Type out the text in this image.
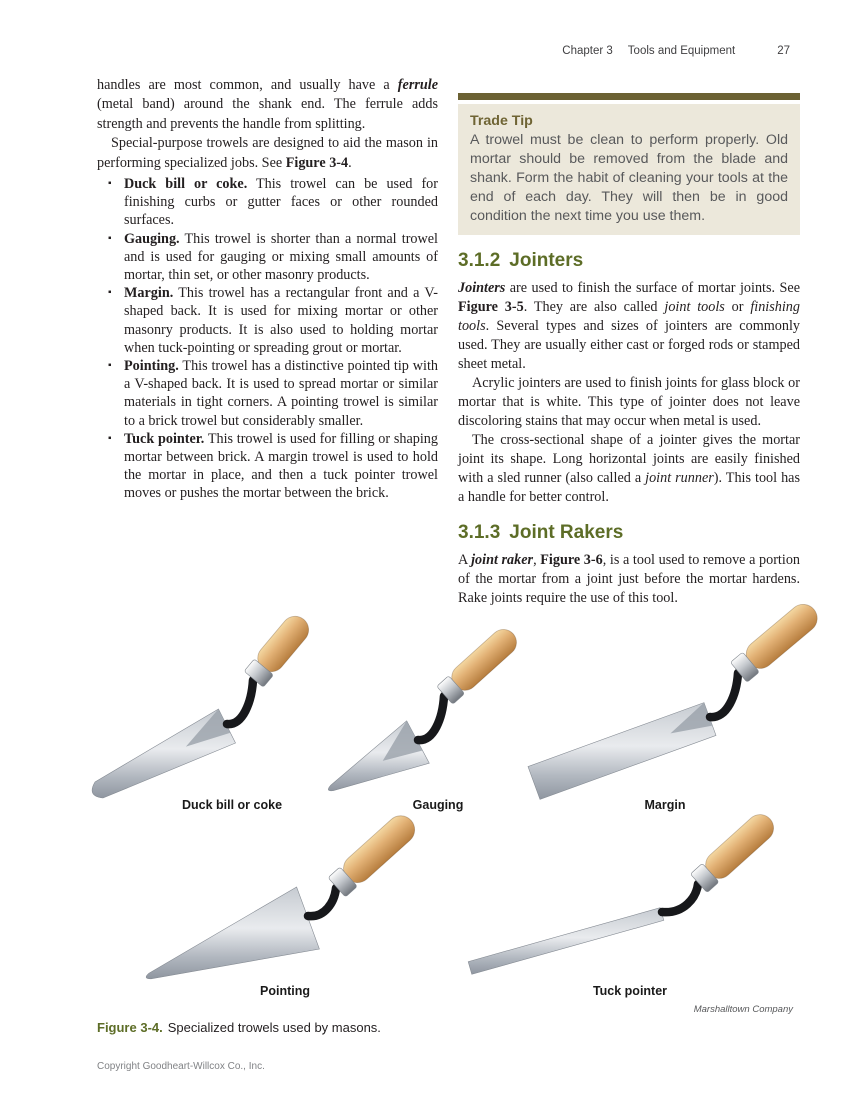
Chapter 3 Tools and Equipment	27

handles are most common, and usually have a ferrule (metal band) around the shank end. The ferrule adds strength and prevents the handle from splitting.

Special-purpose trowels are designed to aid the mason in performing specialized jobs. See Figure 3-4.

▪ Duck bill or coke. This trowel can be used for finishing curbs or gutter faces or other rounded surfaces.
▪ Gauging. This trowel is shorter than a normal trowel and is used for gauging or mixing small amounts of mortar, thin set, or other masonry products.
▪ Margin. This trowel has a rectangular front and a V-shaped back. It is used for mixing mortar or other masonry products. It is also used to holding mortar when tuck-pointing or spreading grout or mortar.
▪ Pointing. This trowel has a distinctive pointed tip with a V-shaped back. It is used to spread mortar or similar materials in tight corners. A pointing trowel is similar to a brick trowel but considerably smaller.
▪ Tuck pointer. This trowel is used for filling or shaping mortar between brick. A margin trowel is used to hold the mortar in place, and then a tuck pointer trowel moves or pushes the mortar between the brick.

Trade Tip

A trowel must be clean to perform properly. Old mortar should be removed from the blade and shank. Form the habit of cleaning your tools at the end of each day. They will then be in good condition the next time you use them.

3.1.2 Jointers

Jointers are used to finish the surface of mortar joints. See Figure 3-5. They are also called joint tools or finishing tools. Several types and sizes of jointers are commonly used. They are usually either cast or forged rods or stamped sheet metal.

Acrylic jointers are used to finish joints for glass block or mortar that is white. This type of jointer does not leave discoloring stains that may occur when metal is used.

The cross-sectional shape of a jointer gives the mortar joint its shape. Long horizontal joints are easily finished with a sled runner (also called a joint runner). This tool has a handle for better control.

3.1.3 Joint Rakers

A joint raker, Figure 3-6, is a tool used to remove a portion of the mortar from a joint just before the mortar hardens. Rake joints require the use of this tool.

Duck bill or coke	Gauging	Margin
Pointing	Tuck pointer
Marshalltown Company
Figure 3-4. Specialized trowels used by masons.
Copyright Goodheart-Willcox Co., Inc.
